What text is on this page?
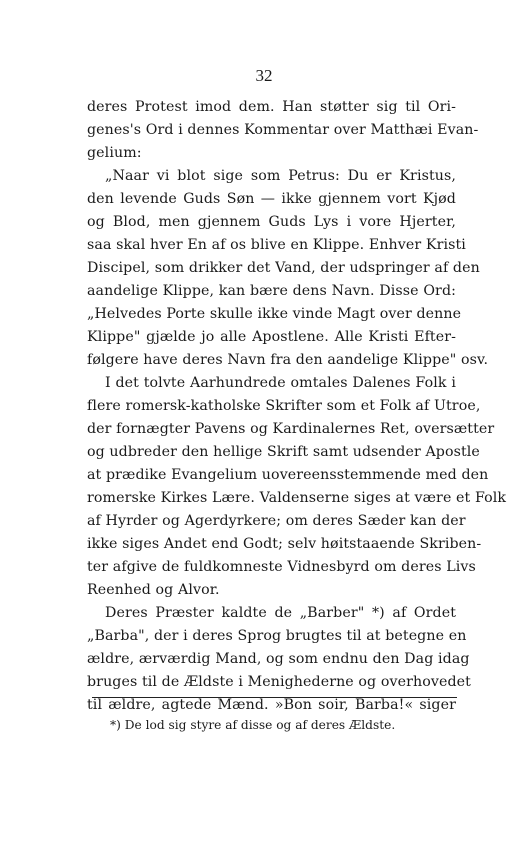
32
deres Protest imod dem. Han støtter sig til Ori-
genes's Ord i dennes Kommentar over Matthæi Evan-
gelium:
„Naar vi blot sige som Petrus: Du er Kristus,
den levende Guds Søn — ikke gjennem vort Kjød
og Blod, men gjennem Guds Lys i vore Hjerter,
saa skal hver En af os blive en Klippe. Enhver Kristi
Discipel, som drikker det Vand, der udspringer af den
aandelige Klippe, kan bære dens Navn. Disse Ord:
„Helvedes Porte skulle ikke vinde Magt over denne
Klippe" gjælde jo alle Apostlene. Alle Kristi Efter-
følgere have deres Navn fra den aandelige Klippe" osv.
I det tolvte Aarhundrede omtales Dalenes Folk i
flere romersk-katholske Skrifter som et Folk af Utroe,
der fornægter Pavens og Kardinalernes Ret, oversætter
og udbreder den hellige Skrift samt udsender Apostle
at prædike Evangelium uovereensstemmende med den
romerske Kirkes Lære. Valdenserne siges at være et Folk
af Hyrder og Agerdyrkere; om deres Sæder kan der
ikke siges Andet end Godt; selv høitstaaende Skriben-
ter afgive de fuldkomneste Vidnesbyrd om deres Livs
Reenhed og Alvor.
Deres Præster kaldte de „Barber" *) af Ordet
„Barba", der i deres Sprog brugtes til at betegne en
ældre, ærværdig Mand, og som endnu den Dag idag
bruges til de Ældste i Menighederne og overhovedet
til ældre, agtede Mænd. »Bon soir, Barba!« siger
*) De lod sig styre af disse og af deres Ældste.
